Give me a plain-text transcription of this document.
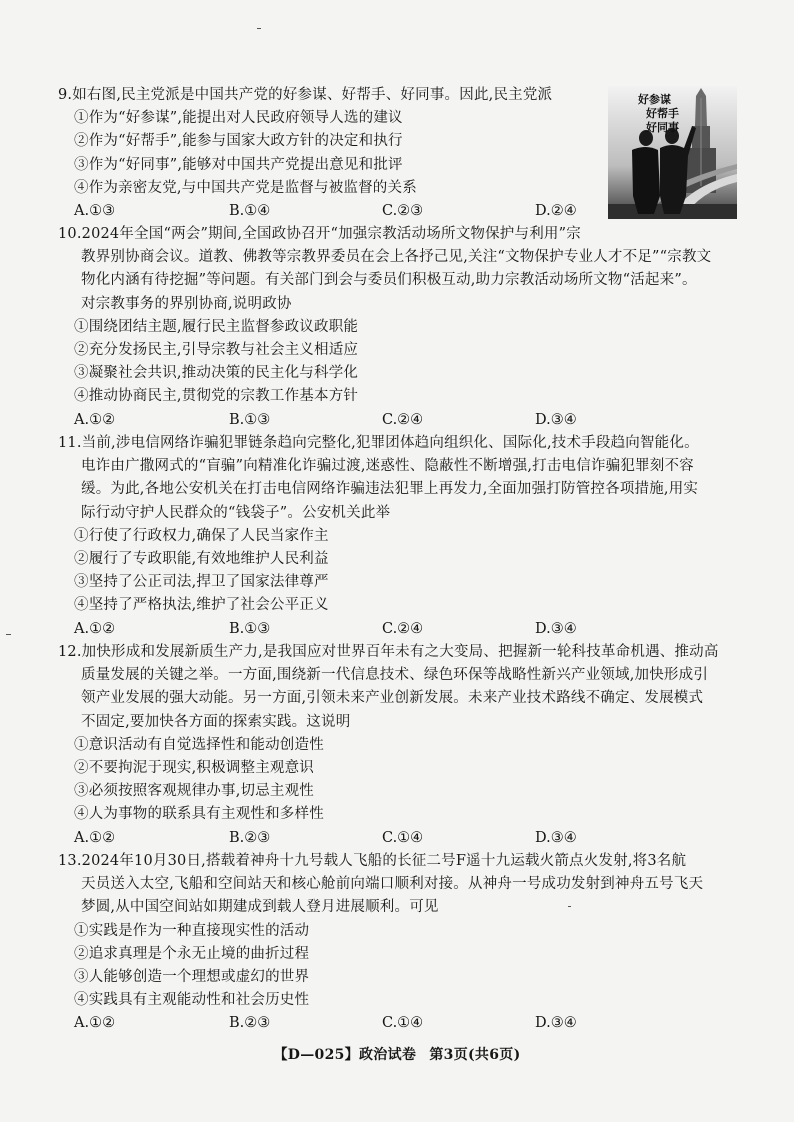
9.如右图,民主党派是中国共产党的好参谋、好帮手、好同事。因此,民主党派

①作为“好参谋”,能提出对人民政府领导人选的建议

②作为“好帮手”,能参与国家大政方针的决定和执行

③作为“好同事”,能够对中国共产党提出意见和批评

④作为亲密友党,与中国共产党是监督与被监督的关系

A.①③	B.①④	C.②③	D.②④
好参谋
好帮手
好同事

10.2024年全国“两会”期间,全国政协召开“加强宗教活动场所文物保护与利用”宗

教界别协商会议。道教、佛教等宗教界委员在会上各抒己见,关注“文物保护专业人才不足”“宗教文

物化内涵有待挖掘”等问题。有关部门到会与委员们积极互动,助力宗教活动场所文物“活起来”。

对宗教事务的界别协商,说明政协

①围绕团结主题,履行民主监督参政议政职能

②充分发扬民主,引导宗教与社会主义相适应

③凝聚社会共识,推动决策的民主化与科学化

④推动协商民主,贯彻党的宗教工作基本方针

A.①②	B.①③	C.②④	D.③④

11.当前,涉电信网络诈骗犯罪链条趋向完整化,犯罪团体趋向组织化、国际化,技术手段趋向智能化。

电诈由广撒网式的“盲骗”向精准化诈骗过渡,迷惑性、隐蔽性不断增强,打击电信诈骗犯罪刻不容

缓。为此,各地公安机关在打击电信网络诈骗违法犯罪上再发力,全面加强打防管控各项措施,用实

际行动守护人民群众的“钱袋子”。公安机关此举

①行使了行政权力,确保了人民当家作主

②履行了专政职能,有效地维护人民利益

③坚持了公正司法,捍卫了国家法律尊严

④坚持了严格执法,维护了社会公平正义

A.①②	B.①③	C.②④	D.③④

12.加快形成和发展新质生产力,是我国应对世界百年未有之大变局、把握新一轮科技革命机遇、推动高

质量发展的关键之举。一方面,围绕新一代信息技术、绿色环保等战略性新兴产业领域,加快形成引

领产业发展的强大动能。另一方面,引领未来产业创新发展。未来产业技术路线不确定、发展模式

不固定,要加快各方面的探索实践。这说明

①意识活动有自觉选择性和能动创造性

②不要拘泥于现实,积极调整主观意识

③必须按照客观规律办事,切忌主观性

④人为事物的联系具有主观性和多样性

A.①②	B.②③	C.①④	D.③④

13.2024年10月30日,搭载着神舟十九号载人飞船的长征二号F遥十九运载火箭点火发射,将3名航

天员送入太空,飞船和空间站天和核心舱前向端口顺利对接。从神舟一号成功发射到神舟五号飞天

梦圆,从中国空间站如期建成到载人登月进展顺利。可见

①实践是作为一种直接现实性的活动

②追求真理是个永无止境的曲折过程

③人能够创造一个理想或虚幻的世界

④实践具有主观能动性和社会历史性

A.①②	B.②③	C.①④	D.③④
【D—025】政治试卷 第3页(共6页)
